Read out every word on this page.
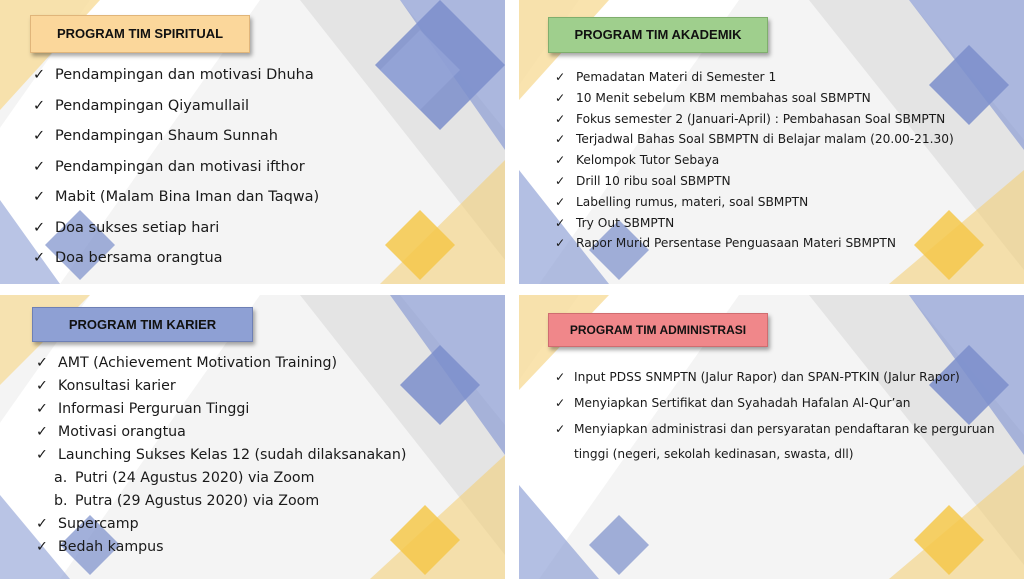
PROGRAM TIM SPIRITUAL
✓ Pendampingan dan motivasi Dhuha
✓ Pendampingan Qiyamullail
✓ Pendampingan Shaum Sunnah
✓ Pendampingan dan motivasi ifthor
✓ Mabit (Malam Bina Iman dan Taqwa)
✓ Doa sukses setiap hari
✓ Doa bersama orangtua
PROGRAM TIM AKADEMIK
✓ Pemadatan Materi di Semester 1
✓ 10 Menit sebelum KBM membahas soal SBMPTN
✓ Fokus semester 2 (Januari-April) : Pembahasan Soal SBMPTN
✓ Terjadwal Bahas Soal SBMPTN di Belajar malam (20.00-21.30)
✓ Kelompok Tutor Sebaya
✓ Drill 10 ribu soal SBMPTN
✓ Labelling rumus, materi, soal SBMPTN
✓ Try Out SBMPTN
✓ Rapor Murid Persentase Penguasaan Materi SBMPTN
PROGRAM TIM KARIER
✓ AMT (Achievement Motivation Training)
✓ Konsultasi karier
✓ Informasi Perguruan Tinggi
✓ Motivasi orangtua
✓ Launching Sukses Kelas 12 (sudah dilaksanakan)
a. Putri (24 Agustus 2020) via Zoom
b. Putra (29 Agustus 2020) via Zoom
✓ Supercamp
✓ Bedah kampus
PROGRAM TIM ADMINISTRASI
✓ Input PDSS SNMPTN (Jalur Rapor) dan SPAN-PTKIN (Jalur Rapor)
✓ Menyiapkan Sertifikat dan Syahadah Hafalan Al-Qur’an
✓ Menyiapkan administrasi dan persyaratan pendaftaran ke perguruan tinggi (negeri, sekolah kedinasan, swasta, dll)
